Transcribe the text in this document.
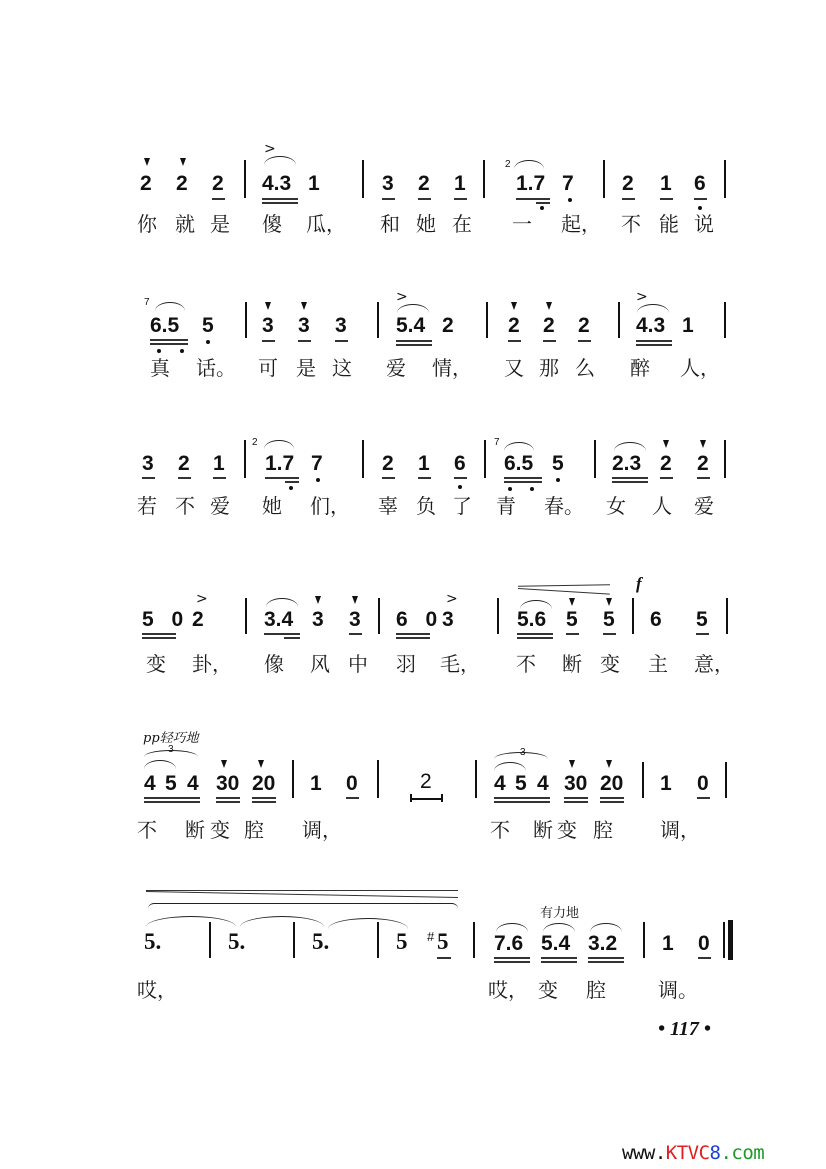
2 2 2
>
4.3 1	3 2 1
2
1.7 7 2 1 6
你 就 是 傻 瓜， 和 她 在 一 起， 不 能 说
7
6.5 5 3 3 3
>
5.4 2	2 2 2
>
4.3 1
真 话。 可 是 这 爱 情， 又 那 么 醉 人，
3 2 1
2
1.7 7	2 1 6
7
6.5 5 2.3 2 2
若 不 爱 她 们， 辜 负 了 青 春。 女 人 爱
5 0
>
2	3.4 3 3 6 0
>
3	5.6 5 5
f
6 5
变 卦， 像 风 中 羽 毛， 不 断 变 主 意，
pp轻巧地
3
4 5 4 30 20 1 0	2
3
4 5 4 30 20 1 0
不 断 变 腔 调，	不 断 变 腔 调，
5.	5.	5.	5 # 5
有力地
7.6 5.4 3.2 1 0
哎，	哎， 变 腔	调。
• 117 •
www.KTVC8.com
